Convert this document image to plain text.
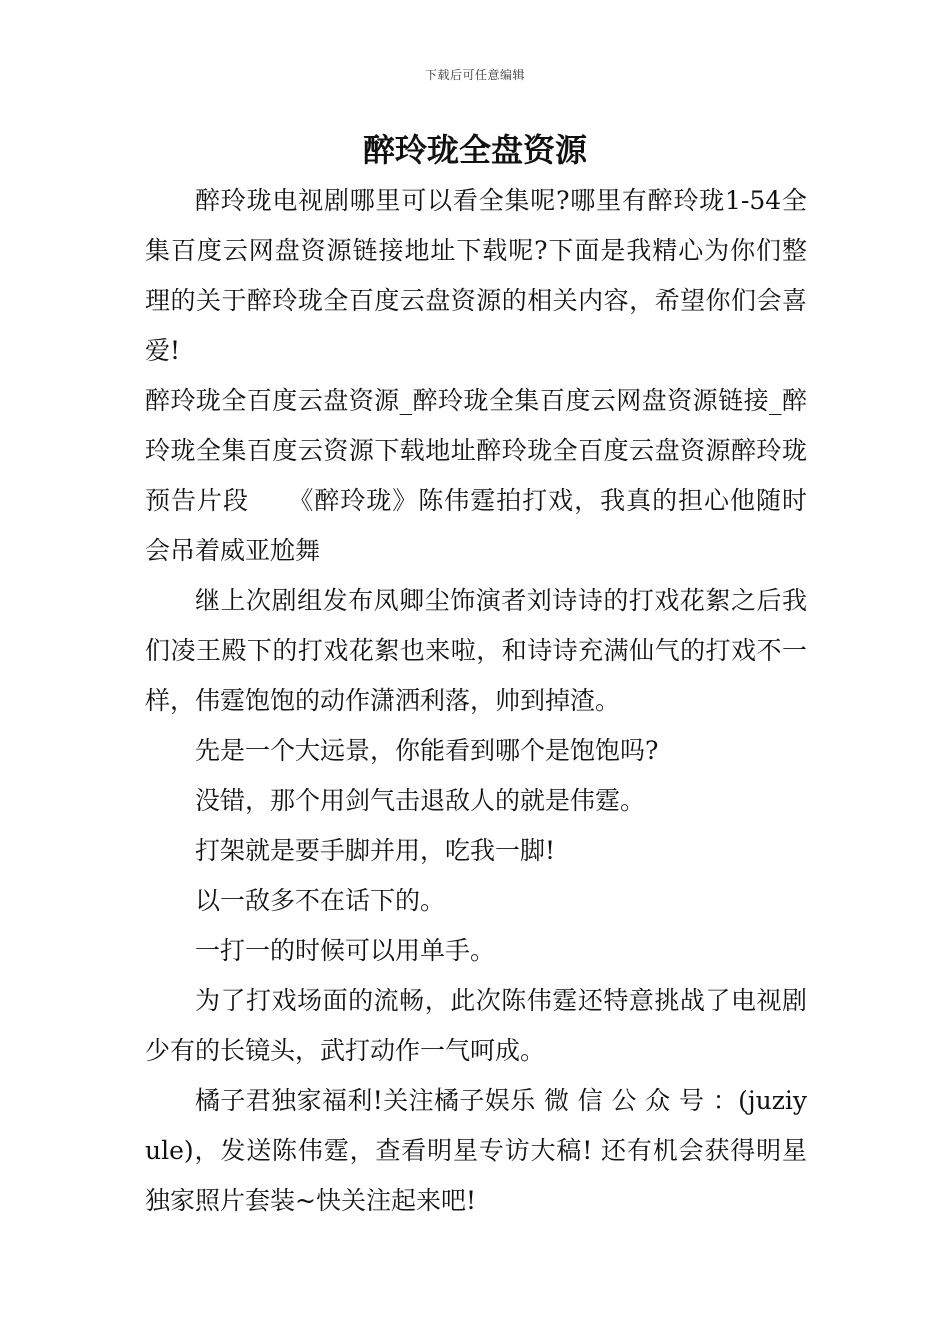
下载后可任意编辑
醉玲珑全盘资源

醉玲珑电视剧哪里可以看全集呢?哪里有醉玲珑1-54全集百度云网盘资源链接地址下载呢?下面是我精心为你们整理的关于醉玲珑全百度云盘资源的相关内容，希望你们会喜爱!

醉玲珑全百度云盘资源_醉玲珑全集百度云网盘资源链接_醉玲珑全集百度云资源下载地址醉玲珑全百度云盘资源醉玲珑预告片段　　《醉玲珑》陈伟霆拍打戏，我真的担心他随时会吊着威亚尬舞

继上次剧组发布凤卿尘饰演者刘诗诗的打戏花絮之后我们凌王殿下的打戏花絮也来啦，和诗诗充满仙气的打戏不一样，伟霆饱饱的动作潇洒利落，帅到掉渣。

先是一个大远景，你能看到哪个是饱饱吗?

没错，那个用剑气击退敌人的就是伟霆。

打架就是要手脚并用，吃我一脚!

以一敌多不在话下的。

一打一的时候可以用单手。

为了打戏场面的流畅，此次陈伟霆还特意挑战了电视剧少有的长镜头，武打动作一气呵成。

橘子君独家福利!关注橘子娱乐 微 信 公 众 号 ：(juziyule)，发送陈伟霆，查看明星专访大稿! 还有机会获得明星独家照片套装~快关注起来吧!
